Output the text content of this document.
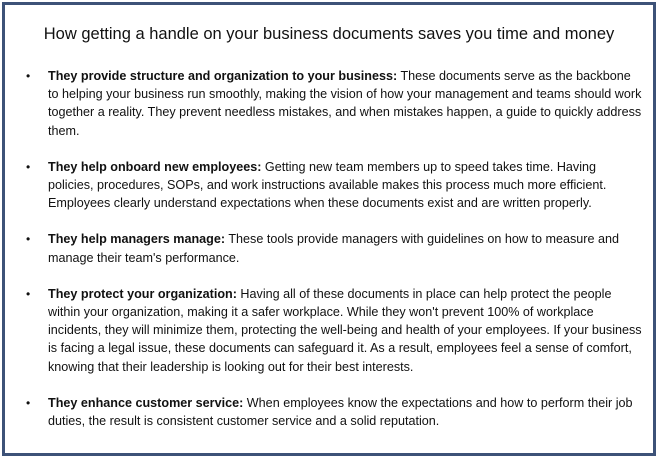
How getting a handle on your business documents saves you time and money
• They provide structure and organization to your business: These documents serve as the backbone to helping your business run smoothly, making the vision of how your management and teams should work together a reality. They prevent needless mistakes, and when mistakes happen, a guide to quickly address them.
• They help onboard new employees: Getting new team members up to speed takes time. Having policies, procedures, SOPs, and work instructions available makes this process much more efficient. Employees clearly understand expectations when these documents exist and are written properly.
• They help managers manage: These tools provide managers with guidelines on how to measure and manage their team's performance.
• They protect your organization: Having all of these documents in place can help protect the people within your organization, making it a safer workplace. While they won't prevent 100% of workplace incidents, they will minimize them, protecting the well-being and health of your employees. If your business is facing a legal issue, these documents can safeguard it. As a result, employees feel a sense of comfort, knowing that their leadership is looking out for their best interests.
• They enhance customer service: When employees know the expectations and how to perform their job duties, the result is consistent customer service and a solid reputation.
